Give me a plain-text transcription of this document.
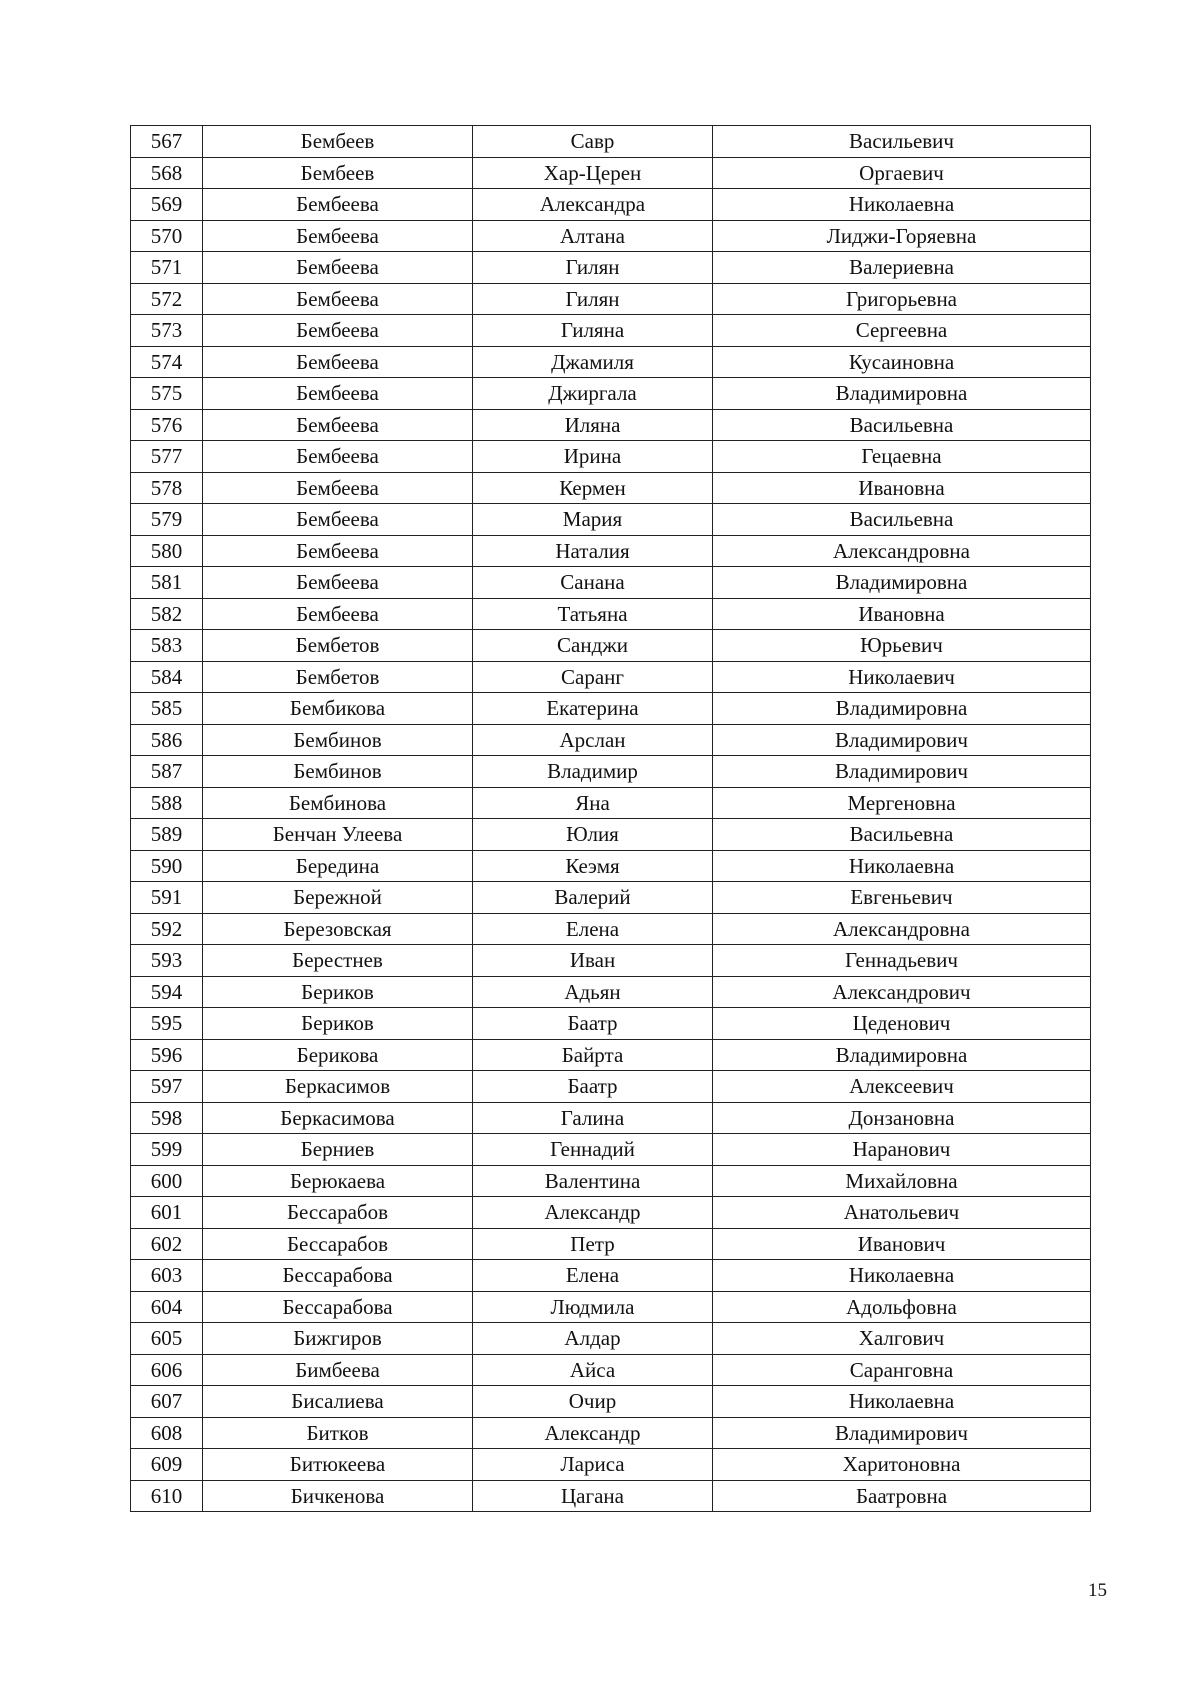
567	Бембеев	Савр	Васильевич
568	Бембеев	Хар-Церен	Оргаевич
569	Бембеева	Александра	Николаевна
570	Бембеева	Алтана	Лиджи-Горяевна
571	Бембеева	Гилян	Валериевна
572	Бембеева	Гилян	Григорьевна
573	Бембеева	Гиляна	Сергеевна
574	Бембеева	Джамиля	Кусаиновна
575	Бембеева	Джиргала	Владимировна
576	Бембеева	Иляна	Васильевна
577	Бембеева	Ирина	Гецаевна
578	Бембеева	Кермен	Ивановна
579	Бембеева	Мария	Васильевна
580	Бембеева	Наталия	Александровна
581	Бембеева	Санана	Владимировна
582	Бембеева	Татьяна	Ивановна
583	Бембетов	Санджи	Юрьевич
584	Бембетов	Саранг	Николаевич
585	Бембикова	Екатерина	Владимировна
586	Бембинов	Арслан	Владимирович
587	Бембинов	Владимир	Владимирович
588	Бембинова	Яна	Мергеновна
589	Бенчан Улеева	Юлия	Васильевна
590	Бередина	Кеэмя	Николаевна
591	Бережной	Валерий	Евгеньевич
592	Березовская	Елена	Александровна
593	Берестнев	Иван	Геннадьевич
594	Бериков	Адьян	Александрович
595	Бериков	Баатр	Цеденович
596	Берикова	Байрта	Владимировна
597	Беркасимов	Баатр	Алексеевич
598	Беркасимова	Галина	Донзановна
599	Берниев	Геннадий	Наранович
600	Берюкаева	Валентина	Михайловна
601	Бессарабов	Александр	Анатольевич
602	Бессарабов	Петр	Иванович
603	Бессарабова	Елена	Николаевна
604	Бессарабова	Людмила	Адольфовна
605	Бижгиров	Алдар	Халгович
606	Бимбеева	Айса	Саранговна
607	Бисалиева	Очир	Николаевна
608	Битков	Александр	Владимирович
609	Битюкеева	Лариса	Харитоновна
610	Бичкенова	Цагана	Баатровна
15
